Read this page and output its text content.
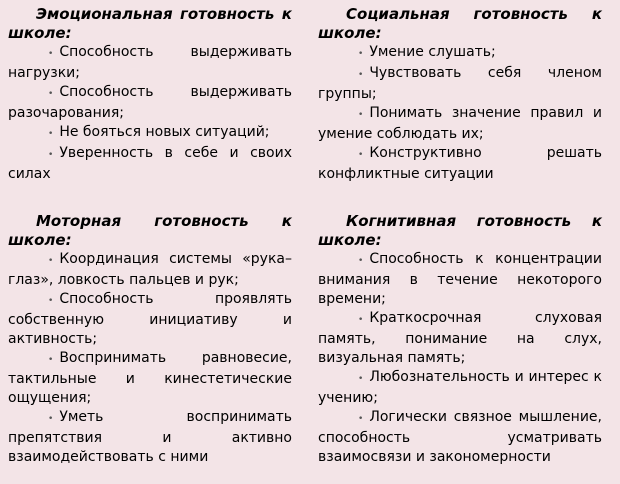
Эмоциональная готовность к школе:
• Способность выдерживать нагрузки;
• Способность выдерживать разочарования;
• Не бояться новых ситуаций;
• Уверенность в себе и своих силах
Социальная готовность к школе:
• Умение слушать;
• Чувствовать себя членом группы;
• Понимать значение правил и умение соблюдать их;
• Конструктивно решать конфликтные ситуации
Моторная готовность к школе:
• Координация системы «рука–глаз», ловкость пальцев и рук;
• Способность проявлять собственную инициативу и активность;
• Воспринимать равновесие, тактильные и кинестетические ощущения;
• Уметь воспринимать препятствия и активно взаимодействовать с ними
Когнитивная готовность к школе:
• Способность к концентрации внимания в течение некоторого времени;
• Краткосрочная слуховая память, понимание на слух, визуальная память;
• Любознательность и интерес к учению;
• Логически связное мышление, способность усматривать взаимосвязи и закономерности
